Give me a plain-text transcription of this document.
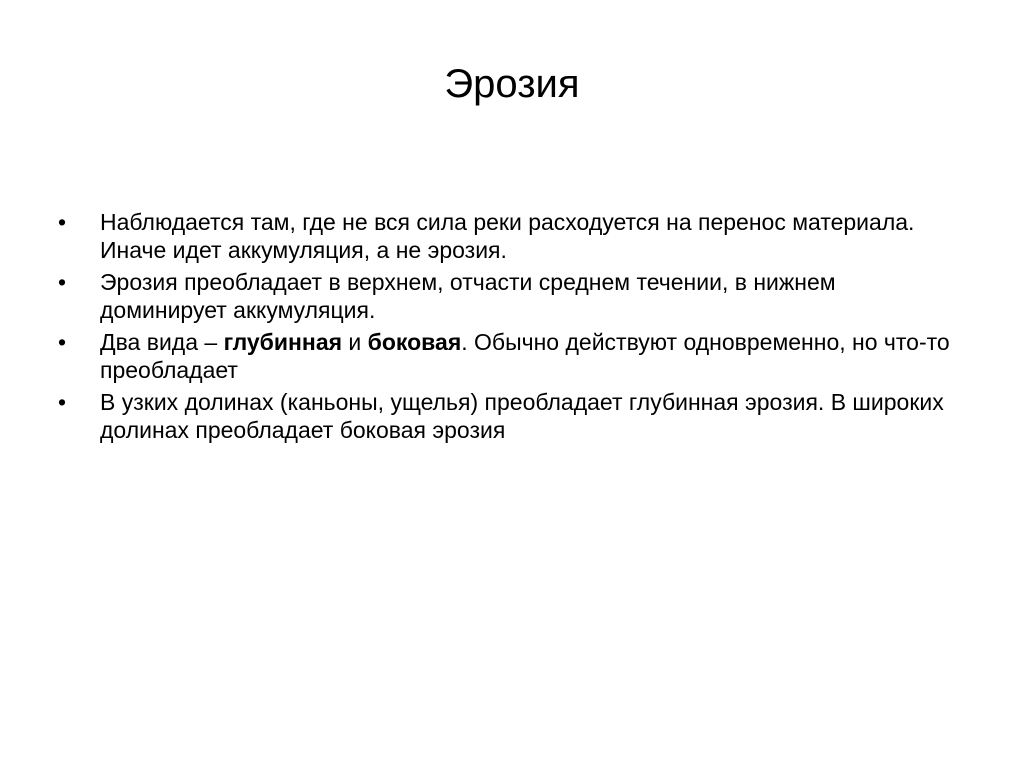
Эрозия
•	Наблюдается там, где не вся сила реки расходуется на перенос материала. Иначе идет аккумуляция, а не эрозия.
•	Эрозия преобладает в верхнем, отчасти среднем течении, в нижнем доминирует аккумуляция.
•	Два вида – глубинная и боковая. Обычно действуют одновременно, но что-то преобладает
•	В узких долинах (каньоны, ущелья) преобладает глубинная эрозия. В широких долинах преобладает боковая эрозия
